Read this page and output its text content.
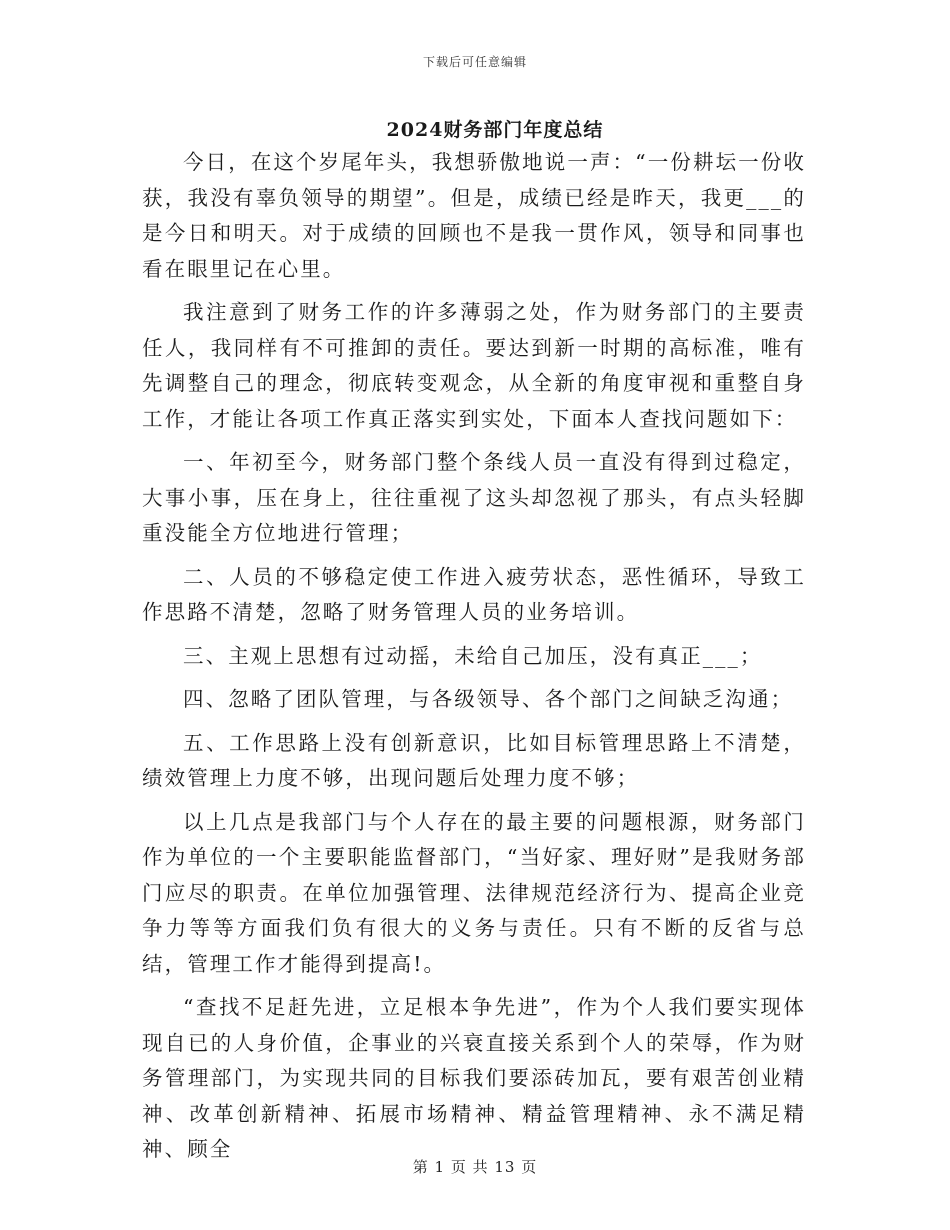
下载后可任意编辑
2024财务部门年度总结

今日，在这个岁尾年头，我想骄傲地说一声：“一份耕坛一份收获，我没有辜负领导的期望”。但是，成绩已经是昨天，我更___的是今日和明天。对于成绩的回顾也不是我一贯作风，领导和同事也看在眼里记在心里。

我注意到了财务工作的许多薄弱之处，作为财务部门的主要责任人，我同样有不可推卸的责任。要达到新一时期的高标准，唯有先调整自己的理念，彻底转变观念，从全新的角度审视和重整自身工作，才能让各项工作真正落实到实处，下面本人查找问题如下：

一、年初至今，财务部门整个条线人员一直没有得到过稳定，大事小事，压在身上，往往重视了这头却忽视了那头，有点头轻脚重没能全方位地进行管理；

二、人员的不够稳定使工作进入疲劳状态，恶性循环，导致工作思路不清楚，忽略了财务管理人员的业务培训。

三、主观上思想有过动摇，未给自己加压，没有真正___；

四、忽略了团队管理，与各级领导、各个部门之间缺乏沟通；

五、工作思路上没有创新意识，比如目标管理思路上不清楚，绩效管理上力度不够，出现问题后处理力度不够；

以上几点是我部门与个人存在的最主要的问题根源，财务部门作为单位的一个主要职能监督部门，“当好家、理好财”是我财务部门应尽的职责。在单位加强管理、法律规范经济行为、提高企业竞争力等等方面我们负有很大的义务与责任。只有不断的反省与总结，管理工作才能得到提高!。

“查找不足赶先进，立足根本争先进”，作为个人我们要实现体现自已的人身价值，企事业的兴衰直接关系到个人的荣辱，作为财务管理部门，为实现共同的目标我们要添砖加瓦，要有艰苦创业精神、改革创新精神、拓展市场精神、精益管理精神、永不满足精神、顾全

第 1 页 共 13 页
